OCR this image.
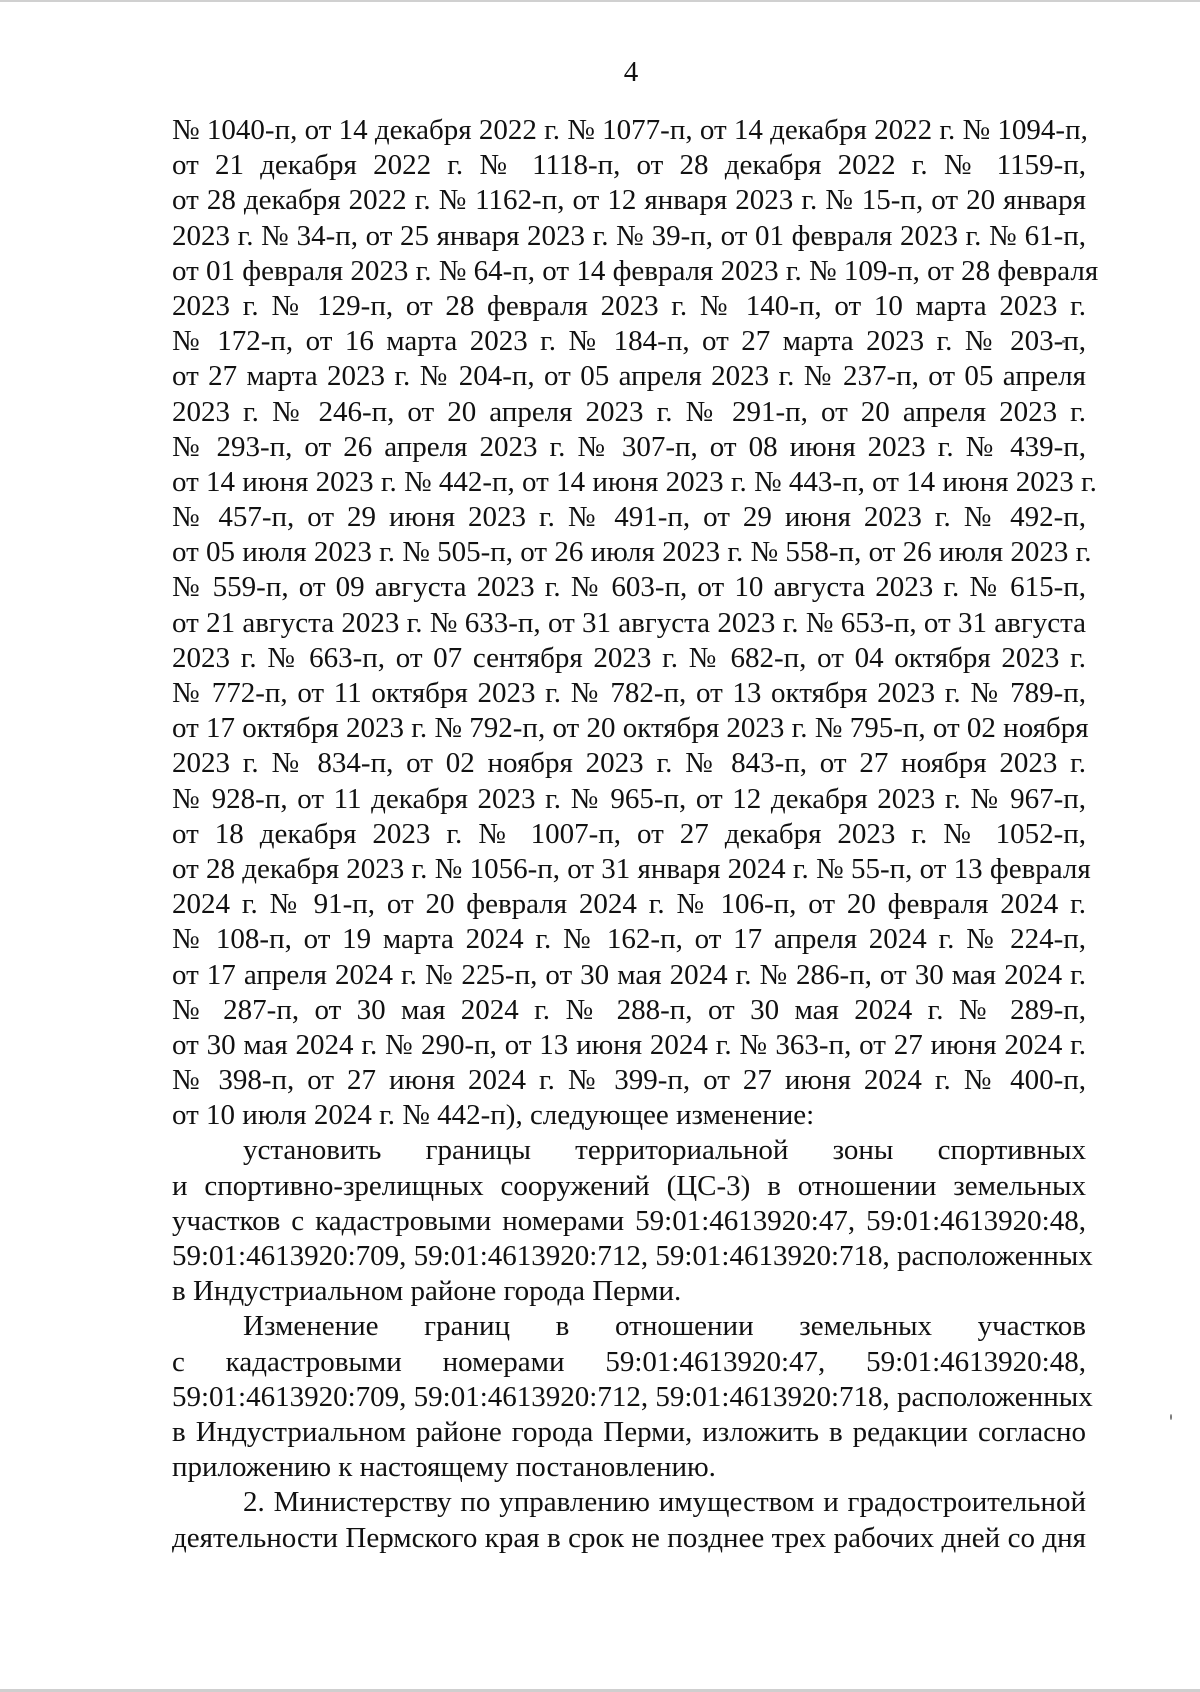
4
№ 1040-п, от 14 декабря 2022 г. № 1077-п, от 14 декабря 2022 г. № 1094-п,
от 21 декабря 2022 г. № 1118-п, от 28 декабря 2022 г. № 1159-п,
от 28 декабря 2022 г. № 1162-п, от 12 января 2023 г. № 15-п, от 20 января
2023 г. № 34-п, от 25 января 2023 г. № 39-п, от 01 февраля 2023 г. № 61-п,
от 01 февраля 2023 г. № 64-п, от 14 февраля 2023 г. № 109-п, от 28 февраля
2023 г. № 129-п, от 28 февраля 2023 г. № 140-п, от 10 марта 2023 г.
№ 172-п, от 16 марта 2023 г. № 184-п, от 27 марта 2023 г. № 203-п,
от 27 марта 2023 г. № 204-п, от 05 апреля 2023 г. № 237-п, от 05 апреля
2023 г. № 246-п, от 20 апреля 2023 г. № 291-п, от 20 апреля 2023 г.
№ 293-п, от 26 апреля 2023 г. № 307-п, от 08 июня 2023 г. № 439-п,
от 14 июня 2023 г. № 442-п, от 14 июня 2023 г. № 443-п, от 14 июня 2023 г.
№ 457-п, от 29 июня 2023 г. № 491-п, от 29 июня 2023 г. № 492-п,
от 05 июля 2023 г. № 505-п, от 26 июля 2023 г. № 558-п, от 26 июля 2023 г.
№ 559-п, от 09 августа 2023 г. № 603-п, от 10 августа 2023 г. № 615-п,
от 21 августа 2023 г. № 633-п, от 31 августа 2023 г. № 653-п, от 31 августа
2023 г. № 663-п, от 07 сентября 2023 г. № 682-п, от 04 октября 2023 г.
№ 772-п, от 11 октября 2023 г. № 782-п, от 13 октября 2023 г. № 789-п,
от 17 октября 2023 г. № 792-п, от 20 октября 2023 г. № 795-п, от 02 ноября
2023 г. № 834-п, от 02 ноября 2023 г. № 843-п, от 27 ноября 2023 г.
№ 928-п, от 11 декабря 2023 г. № 965-п, от 12 декабря 2023 г. № 967-п,
от 18 декабря 2023 г. № 1007-п, от 27 декабря 2023 г. № 1052-п,
от 28 декабря 2023 г. № 1056-п, от 31 января 2024 г. № 55-п, от 13 февраля
2024 г. № 91-п, от 20 февраля 2024 г. № 106-п, от 20 февраля 2024 г.
№ 108-п, от 19 марта 2024 г. № 162-п, от 17 апреля 2024 г. № 224-п,
от 17 апреля 2024 г. № 225-п, от 30 мая 2024 г. № 286-п, от 30 мая 2024 г.
№ 287-п, от 30 мая 2024 г. № 288-п, от 30 мая 2024 г. № 289-п,
от 30 мая 2024 г. № 290-п, от 13 июня 2024 г. № 363-п, от 27 июня 2024 г.
№ 398-п, от 27 июня 2024 г. № 399-п, от 27 июня 2024 г. № 400-п,
от 10 июля 2024 г. № 442-п), следующее изменение:
установить границы территориальной зоны спортивных
и спортивно-зрелищных сооружений (ЦС-3) в отношении земельных
участков с кадастровыми номерами 59:01:4613920:47, 59:01:4613920:48,
59:01:4613920:709, 59:01:4613920:712, 59:01:4613920:718, расположенных
в Индустриальном районе города Перми.
Изменение границ в отношении земельных участков
с кадастровыми номерами 59:01:4613920:47, 59:01:4613920:48,
59:01:4613920:709, 59:01:4613920:712, 59:01:4613920:718, расположенных
в Индустриальном районе города Перми, изложить в редакции согласно
приложению к настоящему постановлению.
2. Министерству по управлению имуществом и градостроительной
деятельности Пермского края в срок не позднее трех рабочих дней со дня
